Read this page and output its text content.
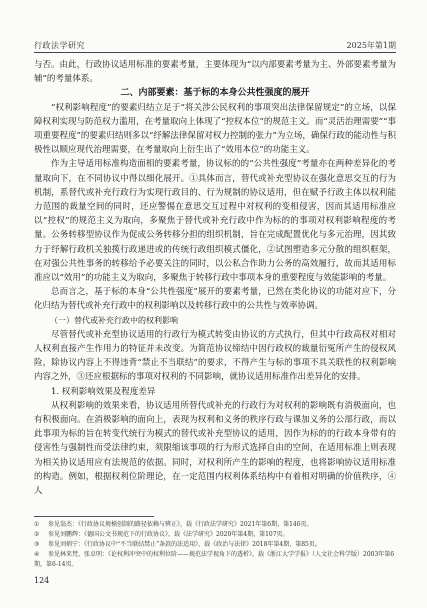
行政法学研究	2025年第1期

与否。由此，行政协议适用标准的要素考量，主要体现为“以内部要素考量为主、外部要素考量为辅”的考量体系。

二、内部要素：基于标的本身公共性强度的展开

“权利影响程度”的要素归结立足于“将关涉公民权利的事项突出法律保留规定”的立场，以保障权利实现与防范权力滥用，在考量取向上体现了“控权本位”的规范主义。而“灵活治理需要”“事项重要程度”的要素归结则多以“纾解法律保留对权力控制的张力”为立场，确保行政的能动性与积极性以顺应现代治理需要，在考量取向上衍生出了“效用本位”的功能主义。

作为主导适用标准构造面相的要素考量，协议标的的“公共性强度”考量亦在两种差异化的考量取向下，在不同协议中得以细化展开。①具体而言，替代或补充型协议在强化意思交互的行为机制，系替代或补充行政行为实现行政目的、行为规制的协议适用，但在赋予行政主体以权利能力范围的裁量空间的同时，还应警惕在意思交互过程中对权利的变相侵害，因而其适用标准应以“控权”的规范主义为取向，多聚焦于替代或补充行政中作为标的的事项对权利影响程度的考量。公务转移型协议作为促成公务转移分担的组织机制，旨在完成配置优化与多元治理，因其致力于纾解行政机关独揽行政递进或的传统行政组织模式僵化，②试图塑造多元分散的组织框架，在对强公共性事务的转移给予必要关注的同时，以公私合作助力公务的高效履行，故而其适用标准应以“效用”的功能主义为取向，多聚焦于转移行政中事项本身的重要程度与效能影响的考量。

总而言之，基于标的本身“公共性强度”展开的要素考量，已然在类化协议的功能对应下，分化归结为替代或补充行政中的权利影响以及转移行政中的公共性与效率协调。

（一）替代或补充行政中的权利影响

尽管替代或补充型协议适用的行政行为模式转变由协议的方式执行，但其中行政高权对相对人权利直接产生作用力的特征并未改变。为简范协议缔结中因行政权的裁量衍冤所产生的侵权风险，除协议内容上不得违背“禁止不当联结”的要求，不得产生与标的事项不具关联性的权利影响内容之外，③还应根据标的事项对权利的不同影响，就协议适用标准作出差异化的安排。

1. 权利影响效果及程度差异

从权利影响的效果来看，协议适用所替代或补充的行政行为对权利的影响既有消极面向，也有积极面向。在消极影响的面向上，表现为权利和义务的秩序行政与课加义务的公部行政，而以此事项为标的旨在转变代统行为模式的替代或补充型协议的适用，因作为标的的行政本身带有的侵害性与强制性而受法律约束，须限缩该事项的行为形式选择自由的空间，在适用标准上则表现为相关协议适用应有法规范的依据。同时，对权利所产生的影响的程度，也将影响协议适用标准的构造。例如，根据权利位阶理论，在一定范围内权利体系结构中有着相对明确的价值秩序，④人

① 参见翁杰：《行政协议规模创制的路径依赖与辨正》，载《行政法学研究》2021年第6期，第146页。

② 参见刘鹏辉：《德国公文书规范下的行政协议》，载《法学研究》2020年第4期，第107页。

③ 参见刘炳宁：《行政协议中“不当联结禁止”条款的法适用》，载《政治与法律》2018年第4期，第85页。

④ 参见林来梵、张卓明：《论权利冲突中的权利位阶——规范法学视角下的透析》，载《浙江大学学报》（人文社会科学版）2003年第6期，第6-14页。

124
